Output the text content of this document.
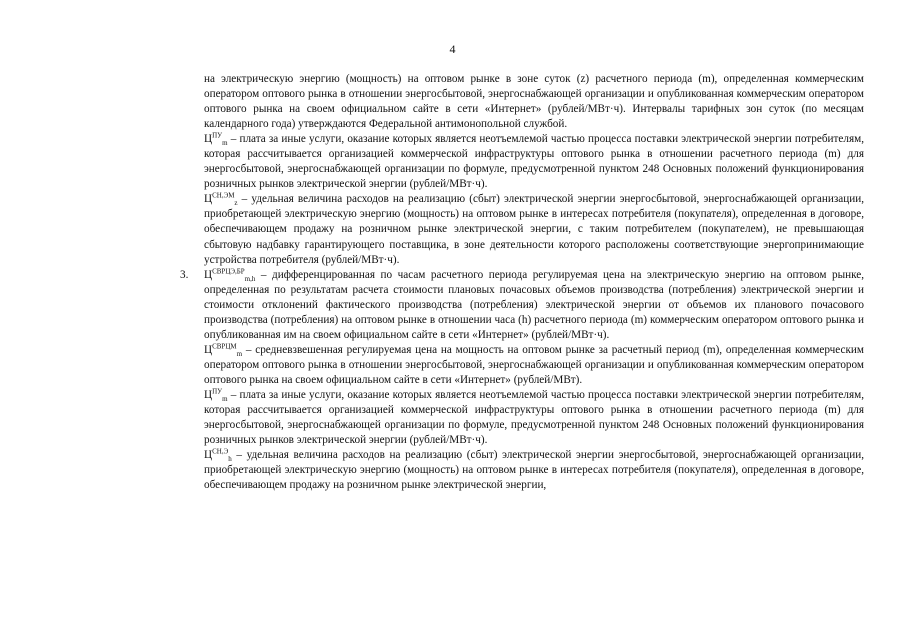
4

на электрическую энергию (мощность) на оптовом рынке в зоне суток (z) расчетного периода (m), определенная коммерческим оператором оптового рынка в отношении энергосбытовой, энергоснабжающей организации и опубликованная коммерческим оператором оптового рынка на своем официальном сайте в сети «Интернет» (рублей/МВт·ч). Интервалы тарифных зон суток (по месяцам календарного года) утверждаются Федеральной антимонопольной службой.

$Ц^{ПУ}_m$ – плата за иные услуги, оказание которых является неотъемлемой частью процесса поставки электрической энергии потребителям, которая рассчитывается организацией коммерческой инфраструктуры оптового рынка в отношении расчетного периода (m) для энергосбытовой, энергоснабжающей организации по формуле, предусмотренной пунктом 248 Основных положений функционирования розничных рынков электрической энергии (рублей/МВт·ч).

$Ц^{СН,ЭМ}_z$ – удельная величина расходов на реализацию (сбыт) электрической энергии энергосбытовой, энергоснабжающей организации, приобретающей электрическую энергию (мощность) на оптовом рынке в интересах потребителя (покупателя), определенная в договоре, обеспечивающем продажу на розничном рынке электрической энергии, с таким потребителем (покупателем), не превышающая сбытовую надбавку гарантирующего поставщика, в зоне деятельности которого расположены соответствующие энергопринимающие устройства потребителя (рублей/МВт·ч).

3. $Ц^{СВРЦЭ,БР}_{m,h}$ – дифференцированная по часам расчетного периода регулируемая цена на электрическую энергию на оптовом рынке, определенная по результатам расчета стоимости плановых почасовых объемов производства (потребления) электрической энергии и стоимости отклонений фактического производства (потребления) электрической энергии от объемов их планового почасового производства (потребления) на оптовом рынке в отношении часа (h) расчетного периода (m) коммерческим оператором оптового рынка и опубликованная им на своем официальном сайте в сети «Интернет» (рублей/МВт·ч).

$Ц^{СВРЦМ}_m$ – средневзвешенная регулируемая цена на мощность на оптовом рынке за расчетный период (m), определенная коммерческим оператором оптового рынка в отношении энергосбытовой, энергоснабжающей организации и опубликованная коммерческим оператором оптового рынка на своем официальном сайте в сети «Интернет» (рублей/МВт).

$Ц^{ПУ}_m$ – плата за иные услуги, оказание которых является неотъемлемой частью процесса поставки электрической энергии потребителям, которая рассчитывается организацией коммерческой инфраструктуры оптового рынка в отношении расчетного периода (m) для энергосбытовой, энергоснабжающей организации по формуле, предусмотренной пунктом 248 Основных положений функционирования розничных рынков электрической энергии (рублей/МВт·ч).

$Ц^{СН,Э}_h$ – удельная величина расходов на реализацию (сбыт) электрической энергии энергосбытовой, энергоснабжающей организации, приобретающей электрическую энергию (мощность) на оптовом рынке в интересах потребителя (покупателя), определенная в договоре, обеспечивающем продажу на розничном рынке электрической энергии,
